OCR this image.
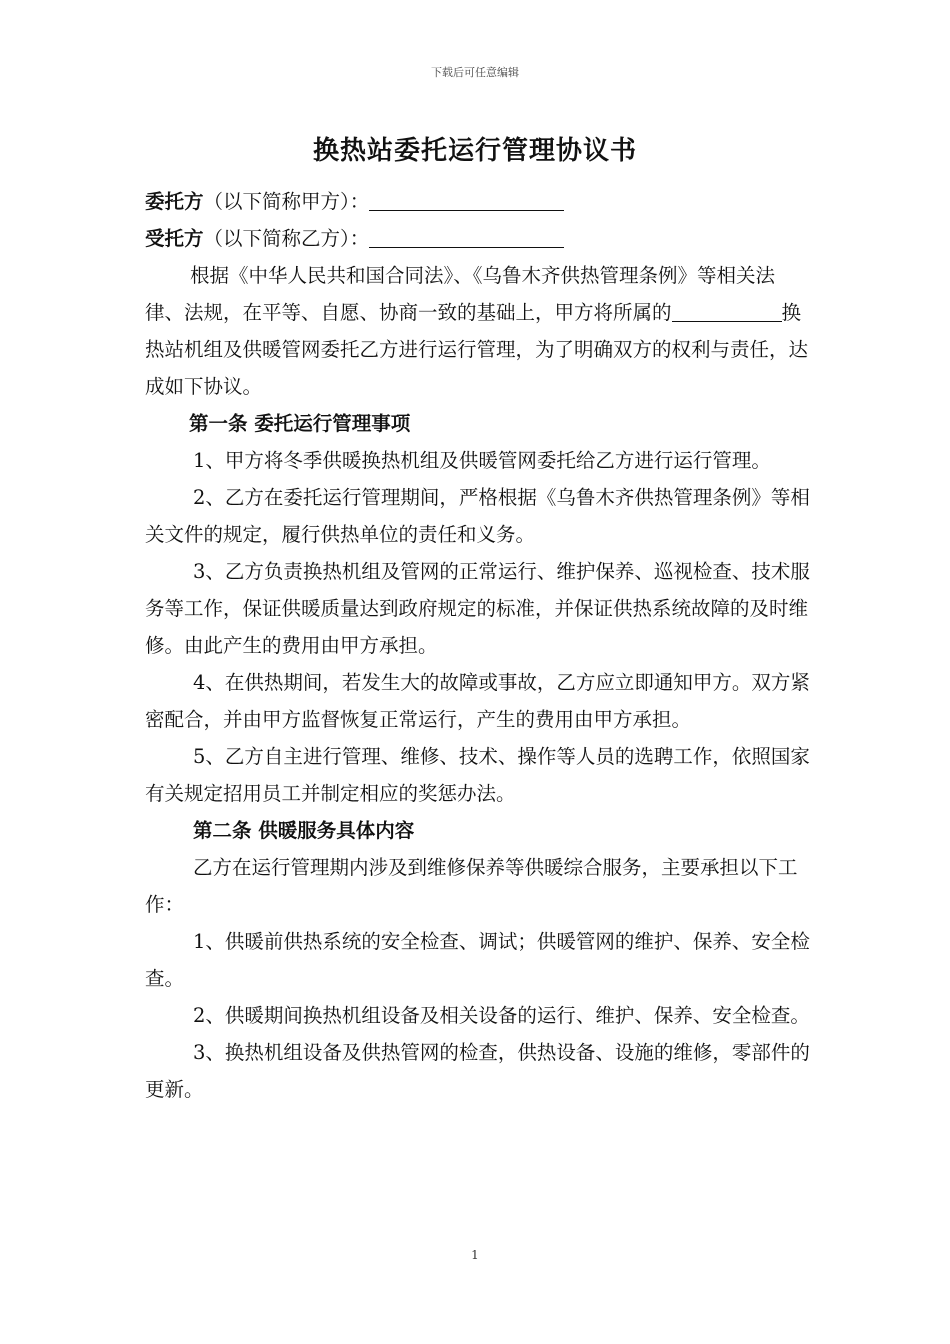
下载后可任意编辑
换热站委托运行管理协议书

委托方（以下简称甲方）：

受托方（以下简称乙方）：

根据《中华人民共和国合同法》、《乌鲁木齐供热管理条例》等相关法律、法规，在平等、自愿、协商一致的基础上，甲方将所属的	换热站机组及供暖管网委托乙方进行运行管理，为了明确双方的权利与责任，达成如下协议。

第一条 委托运行管理事项

1、甲方将冬季供暖换热机组及供暖管网委托给乙方进行运行管理。

2、乙方在委托运行管理期间，严格根据《乌鲁木齐供热管理条例》等相关文件的规定，履行供热单位的责任和义务。

3、乙方负责换热机组及管网的正常运行、维护保养、巡视检查、技术服务等工作，保证供暖质量达到政府规定的标准，并保证供热系统故障的及时维修。由此产生的费用由甲方承担。

4、在供热期间，若发生大的故障或事故，乙方应立即通知甲方。双方紧密配合，并由甲方监督恢复正常运行，产生的费用由甲方承担。

5、乙方自主进行管理、维修、技术、操作等人员的选聘工作，依照国家有关规定招用员工并制定相应的奖惩办法。

第二条 供暖服务具体内容

乙方在运行管理期内涉及到维修保养等供暖综合服务，主要承担以下工作：

1、供暖前供热系统的安全检查、调试；供暖管网的维护、保养、安全检查。

2、供暖期间换热机组设备及相关设备的运行、维护、保养、安全检查。

3、换热机组设备及供热管网的检查，供热设备、设施的维修，零部件的更新。

1
